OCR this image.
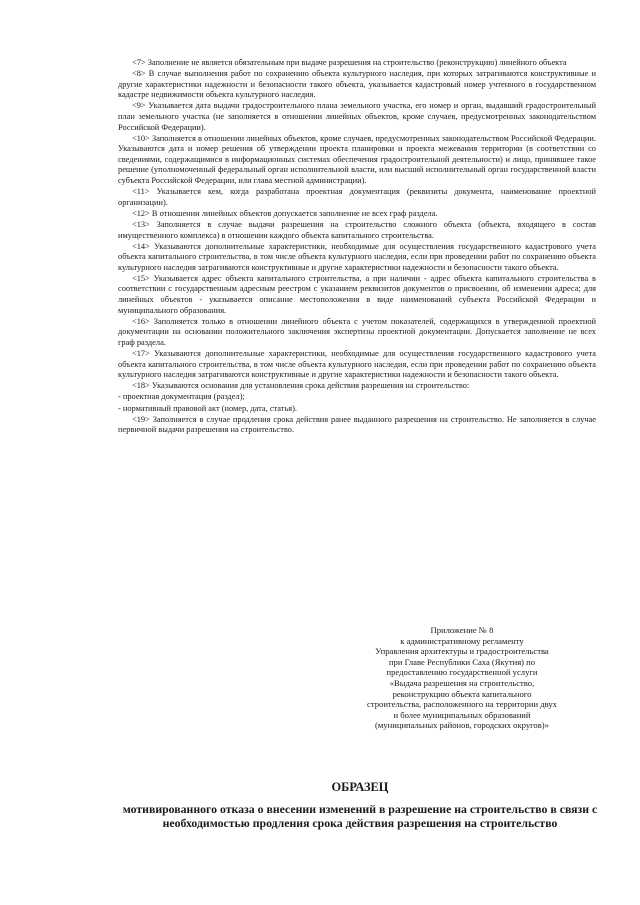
<7> Заполнение не является обязательным при выдаче разрешения на строительство (реконструкцию) линейного объекта

<8> В случае выполнения работ по сохранению объекта культурного наследия, при которых затрагиваются конструктивные и другие характеристики надежности и безопасности такого объекта, указывается кадастровый номер учтенного в государственном кадастре недвижимости объекта культурного наследия.

<9> Указывается дата выдачи градостроительного плана земельного участка, его номер и орган, выдавший градостроительный план земельного участка (не заполняется в отношении линейных объектов, кроме случаев, предусмотренных законодательством Российской Федерации).

<10> Заполняется в отношении линейных объектов, кроме случаев, предусмотренных законодательством Российской Федерации. Указываются дата и номер решения об утверждении проекта планировки и проекта межевания территории (в соответствии со сведениями, содержащимися в информационных системах обеспечения градостроительной деятельности) и лицо, принявшее такое решение (уполномоченный федеральный орган исполнительной власти, или высший исполнительный орган государственной власти субъекта Российской Федерации, или глава местной администрации).

<11> Указывается кем, когда разработана проектная документация (реквизиты документа, наименование проектной организации).

<12> В отношении линейных объектов допускается заполнение не всех граф раздела.

<13> Заполняется в случае выдачи разрешения на строительство сложного объекта (объекта, входящего в состав имущественного комплекса) в отношении каждого объекта капитального строительства.

<14> Указываются дополнительные характеристики, необходимые для осуществления государственного кадастрового учета объекта капитального строительства, в том числе объекта культурного наследия, если при проведении работ по сохранению объекта культурного наследия затрагиваются конструктивные и другие характеристики надежности и безопасности такого объекта.

<15> Указывается адрес объекта капитального строительства, а при наличии - адрес объекта капитального строительства в соответствии с государственным адресным реестром с указанием реквизитов документов о присвоении, об изменении адреса; для линейных объектов - указывается описание местоположения в виде наименований субъекта Российской Федерации и муниципального образования.

<16> Заполняется только в отношении линейного объекта с учетом показателей, содержащихся в утвержденной проектной документации на основании положительного заключения экспертизы проектной документации. Допускается заполнение не всех граф раздела.

<17> Указываются дополнительные характеристики, необходимые для осуществления государственного кадастрового учета объекта капитального строительства, в том числе объекта культурного наследия, если при проведении работ по сохранению объекта культурного наследия затрагиваются конструктивные и другие характеристики надежности и безопасности такого объекта.

<18> Указываются основания для установления срока действия разрешения на строительство:

- проектная документация (раздел);

- нормативный правовой акт (номер, дата, статья).

<19> Заполняется в случае продления срока действия ранее выданного разрешения на строительство. Не заполняется в случае первичной выдачи разрешения на строительство.

Приложение № 8
к административному регламенту
Управления архитектуры и градостроительства
при Главе Республики Саха (Якутия) по
предоставлению государственной услуги
«Выдача разрешения на строительство,
реконструкцию объекта капитального
строительства, расположенного на территории двух
и более муниципальных образований
(муниципальных районов, городских округов)»
ОБРАЗЕЦ
мотивированного отказа о внесении изменений в разрешение на строительство в связи с
необходимостью продления срока действия разрешения на строительство
